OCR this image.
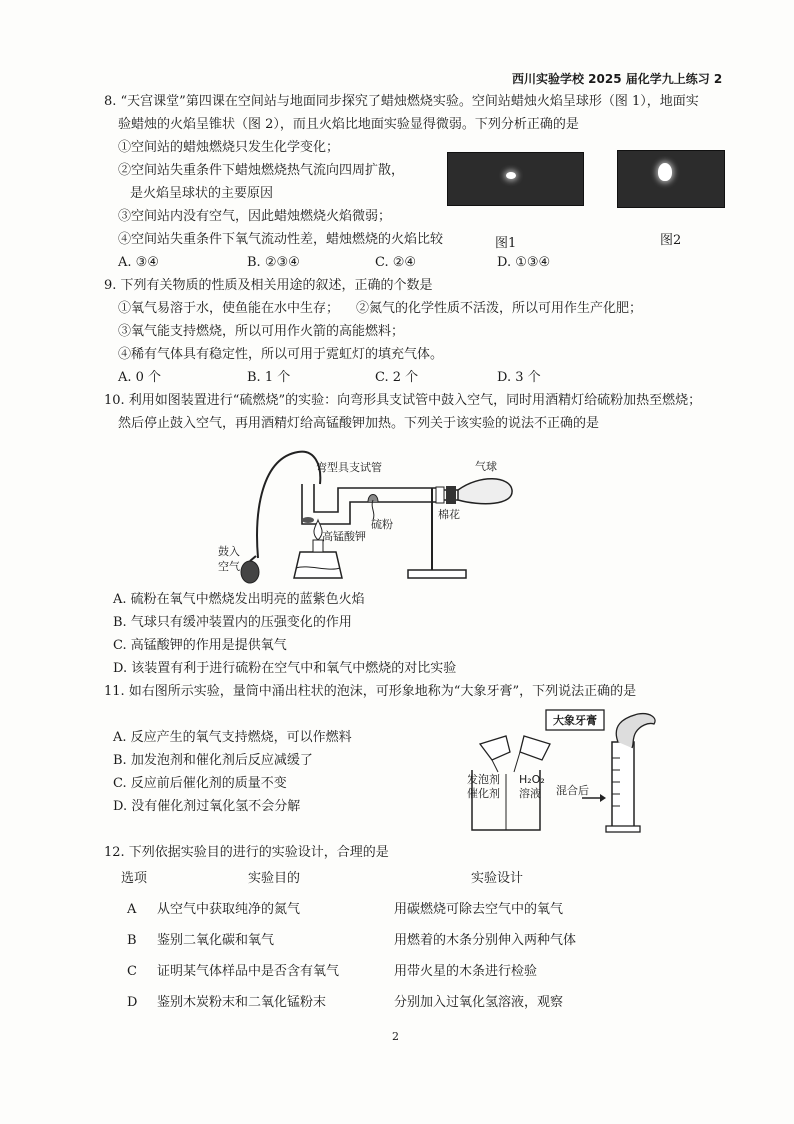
西川实验学校 2025 届化学九上练习 2
8. “天宫课堂”第四课在空间站与地面同步探究了蜡烛燃烧实验。空间站蜡烛火焰呈球形（图 1），地面实
验蜡烛的火焰呈锥状（图 2），而且火焰比地面实验显得微弱。下列分析正确的是
①空间站的蜡烛燃烧只发生化学变化；
②空间站失重条件下蜡烛燃烧热气流向四周扩散，
是火焰呈球状的主要原因
③空间站内没有空气，因此蜡烛燃烧火焰微弱；
④空间站失重条件下氧气流动性差，蜡烛燃烧的火焰比较	图1	图2
A. ③④	B. ②③④	C. ②④	D. ①③④
9. 下列有关物质的性质及相关用途的叙述，正确的个数是
①氧气易溶于水，使鱼能在水中生存； ②氮气的化学性质不活泼，所以可用作生产化肥；
③氧气能支持燃烧，所以可用作火箭的高能燃料；
④稀有气体具有稳定性，所以可用于霓虹灯的填充气体。
A. 0 个	B. 1 个	C. 2 个	D. 3 个
10. 利用如图装置进行“硫燃烧”的实验：向弯形具支试管中鼓入空气，同时用酒精灯给硫粉加热至燃烧；
然后停止鼓入空气，再用酒精灯给高锰酸钾加热。下列关于该实验的说法不正确的是
弯型具支试管	气球
高锰酸钾
硫粉
棉花
鼓入
空气
A. 硫粉在氧气中燃烧发出明亮的蓝紫色火焰
B. 气球只有缓冲装置内的压强变化的作用
C. 高锰酸钾的作用是提供氧气
D. 该装置有利于进行硫粉在空气中和氧气中燃烧的对比实验
11. 如右图所示实验，量筒中涌出柱状的泡沫，可形象地称为“大象牙膏”，下列说法正确的是
A. 反应产生的氧气支持燃烧，可以作燃料
B. 加发泡剂和催化剂后反应减缓了
C. 反应前后催化剂的质量不变
D. 没有催化剂过氧化氢不会分解
大象牙膏
发泡剂
催化剂
H₂O₂
溶液 混合后
12. 下列依据实验目的进行的实验设计，合理的是
选项	实验目的	实验设计
A 从空气中获取纯净的氮气	用碳燃烧可除去空气中的氧气
B 鉴别二氧化碳和氧气	用燃着的木条分别伸入两种气体
C 证明某气体样品中是否含有氧气	用带火星的木条进行检验
D 鉴别木炭粉末和二氧化锰粉末	分别加入过氧化氢溶液，观察
2
